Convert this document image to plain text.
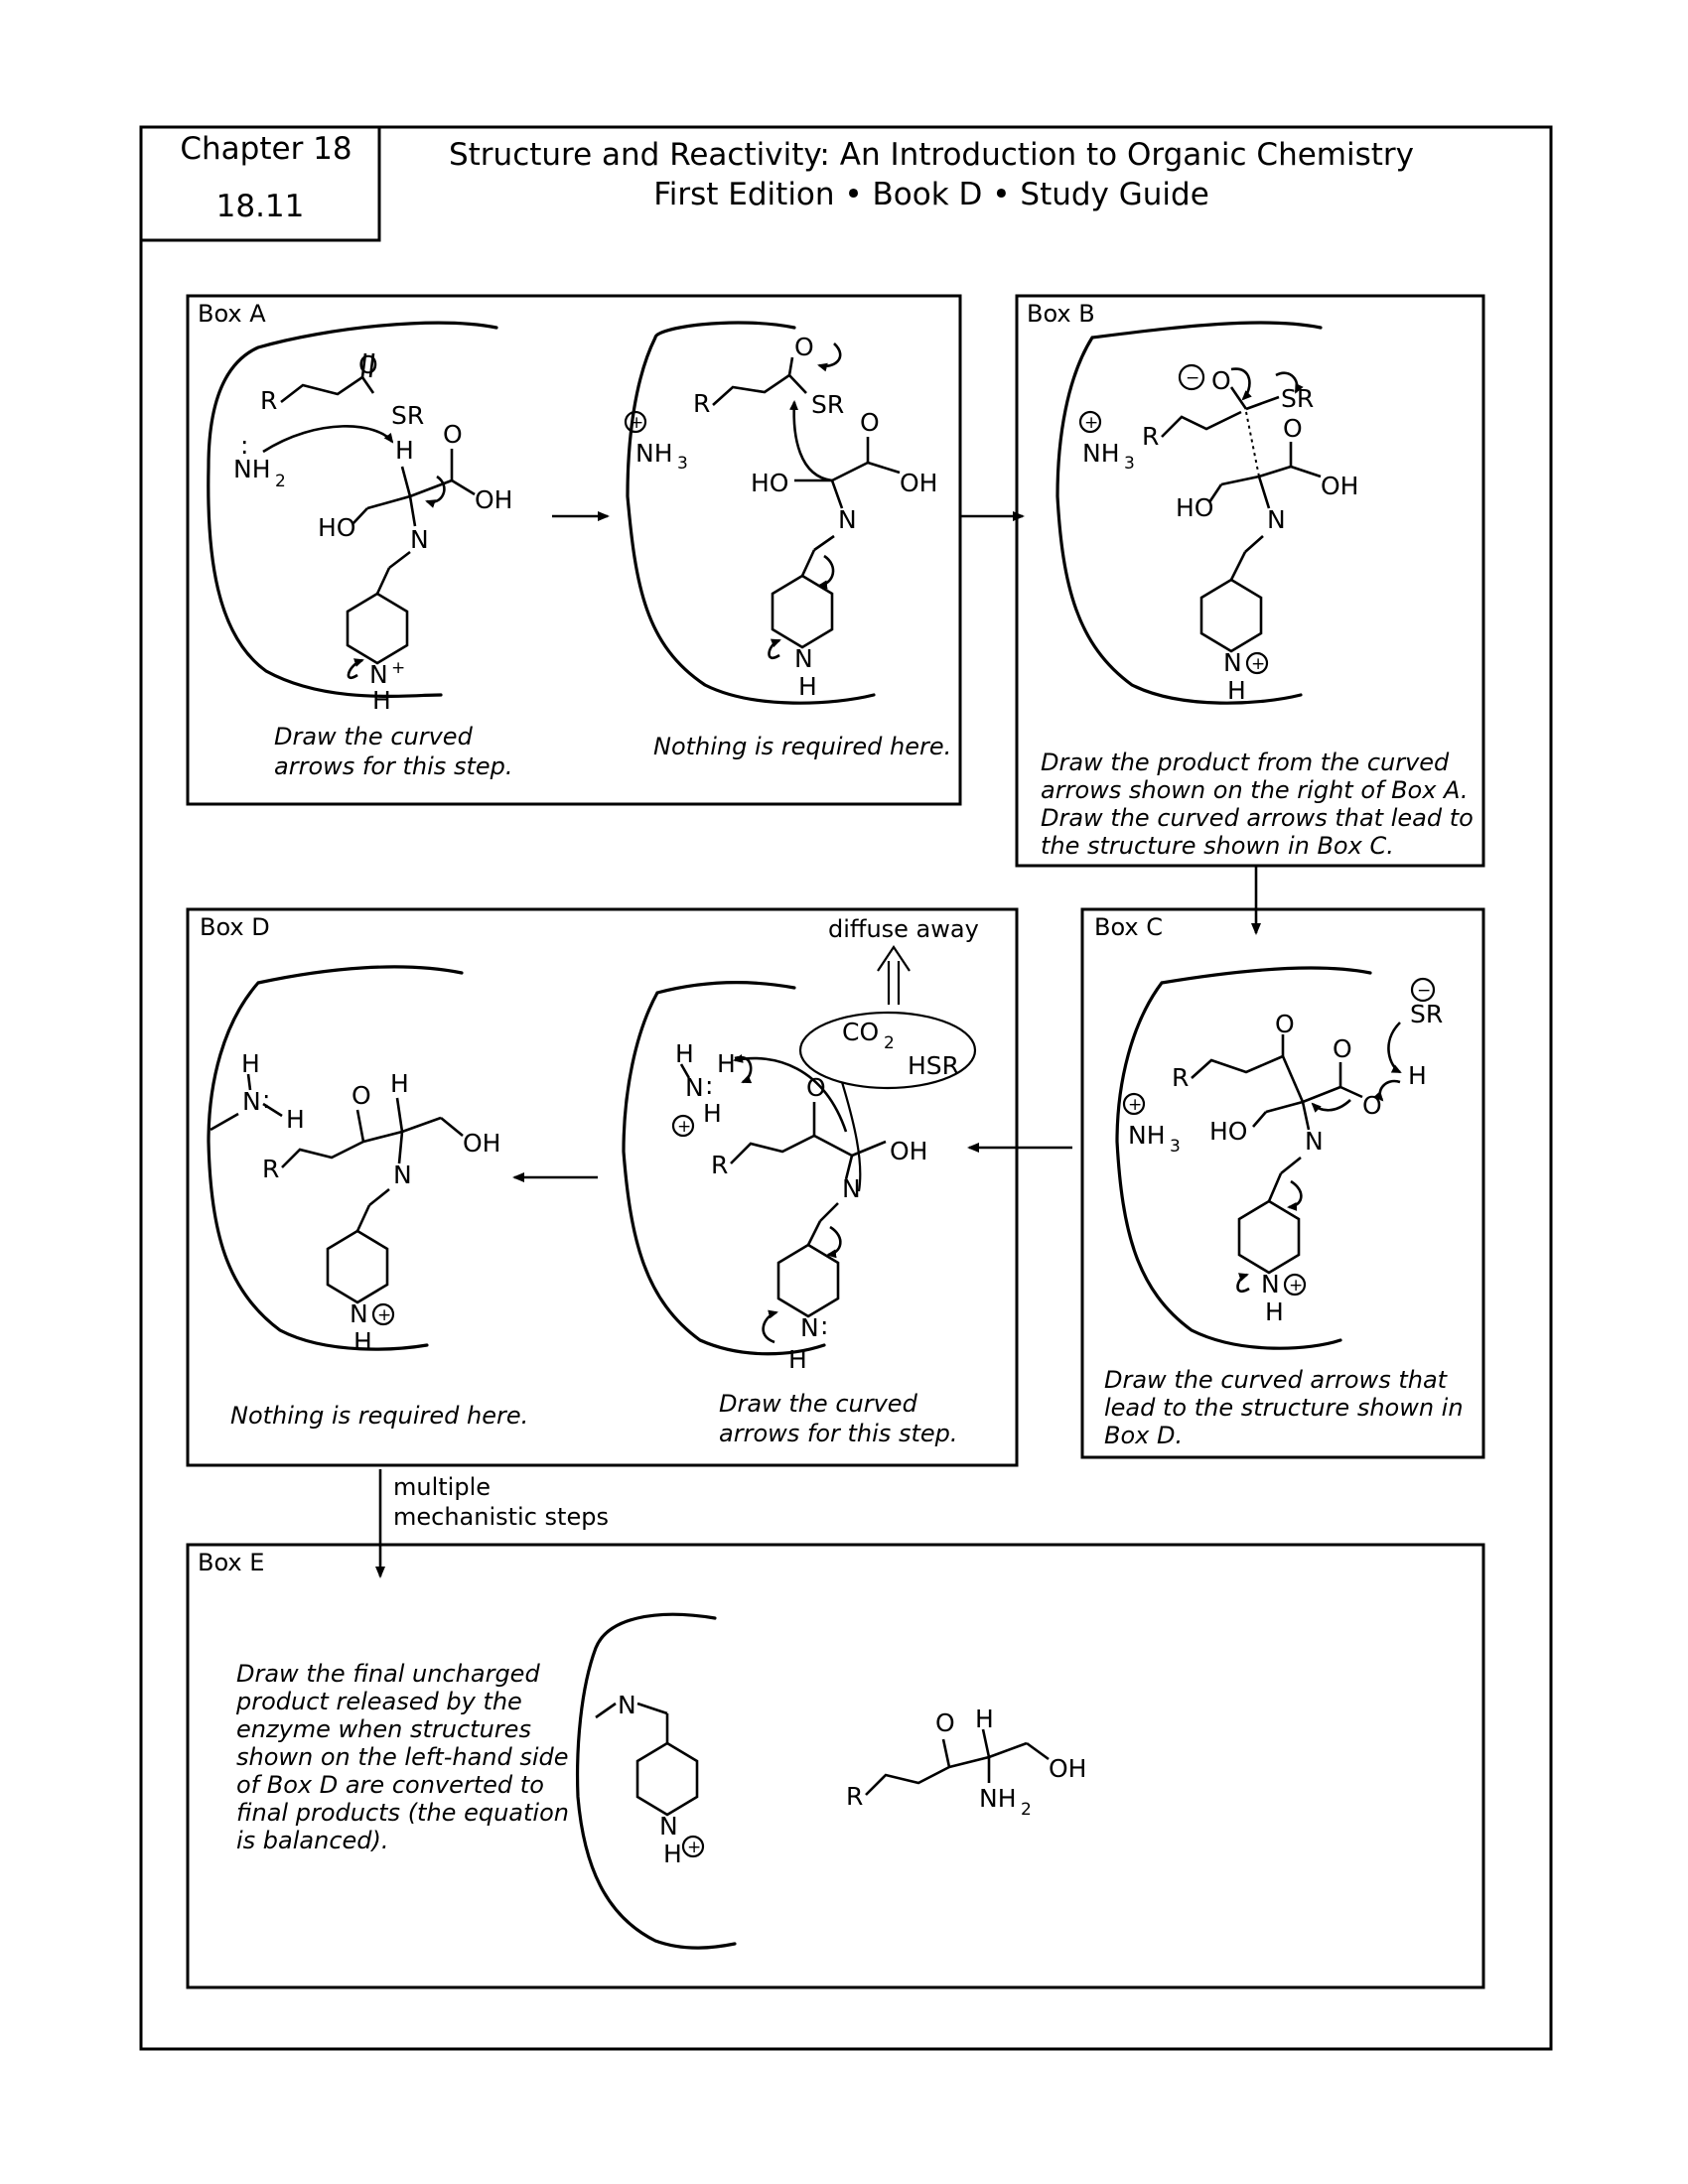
Chapter 18
18.11
Structure and Reactivity: An Introduction to Organic Chemistry
First Edition • Book D • Study Guide
Box A
R
O
SR
NH 2
:	H
O
OH
HO N
N
H
+
Draw the curved
arrows for this step.
NH 3
+
R	SR
O
HO
O
OH
N
N
H
Nothing is required here.
Box B
+
NH 3
R
− O
SR
O
OH
HO N
N
H
+
Draw the product from the curved
arrows shown on the right of Box A.
Draw the curved arrows that lead to
the structure shown in Box C.
Box C
−
SR
H
+
NH 3
R
O
O
O
HO N
N
H
+
Draw the curved arrows that
lead to the structure shown in
Box D.
Box D	diffuse away
CO 2
HSR
H
N :
H
R
O H
OH
N
N
H
+
Nothing is required here.
H
N :
H
H
+
R
O
OH
N
N :
H
Draw the curved
arrows for this step.
multiple
mechanistic steps
Box E
Draw the final uncharged
product released by the
enzyme when structures
shown on the left-hand side
of Box D are converted to
final products (the equation
is balanced).
N
N
H +
R
O H
OH
NH 2
